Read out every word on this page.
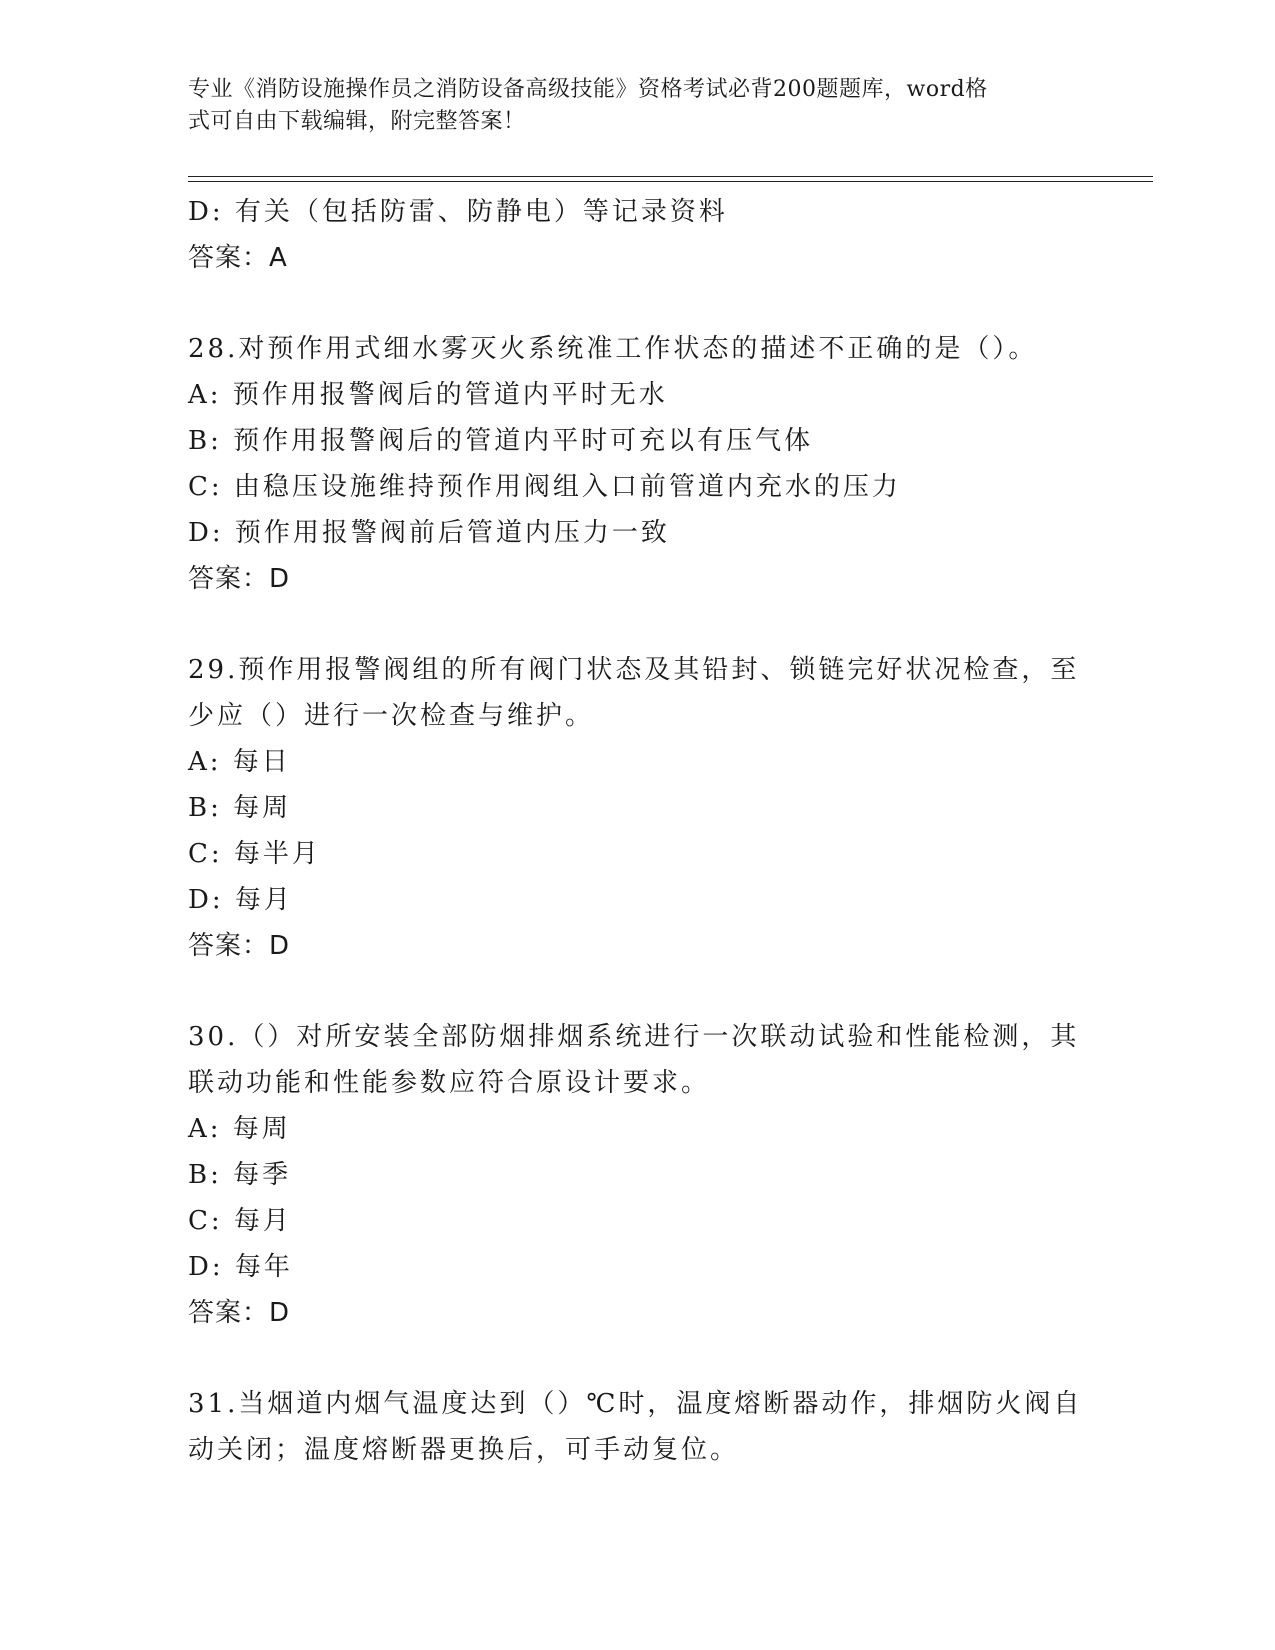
专业《消防设施操作员之消防设备高级技能》资格考试必背200题题库，word格
式可自由下载编辑，附完整答案！
D: 有关（包括防雷、防静电）等记录资料
答案：A
28.对预作用式细水雾灭火系统准工作状态的描述不正确的是（）。
A: 预作用报警阀后的管道内平时无水
B: 预作用报警阀后的管道内平时可充以有压气体
C: 由稳压设施维持预作用阀组入口前管道内充水的压力
D: 预作用报警阀前后管道内压力一致
答案：D
29.预作用报警阀组的所有阀门状态及其铅封、锁链完好状况检查，至
少应（）进行一次检查与维护。
A: 每日
B: 每周
C: 每半月
D: 每月
答案：D
30.（）对所安装全部防烟排烟系统进行一次联动试验和性能检测，其
联动功能和性能参数应符合原设计要求。
A: 每周
B: 每季
C: 每月
D: 每年
答案：D
31.当烟道内烟气温度达到（）℃时，温度熔断器动作，排烟防火阀自
动关闭；温度熔断器更换后，可手动复位。
